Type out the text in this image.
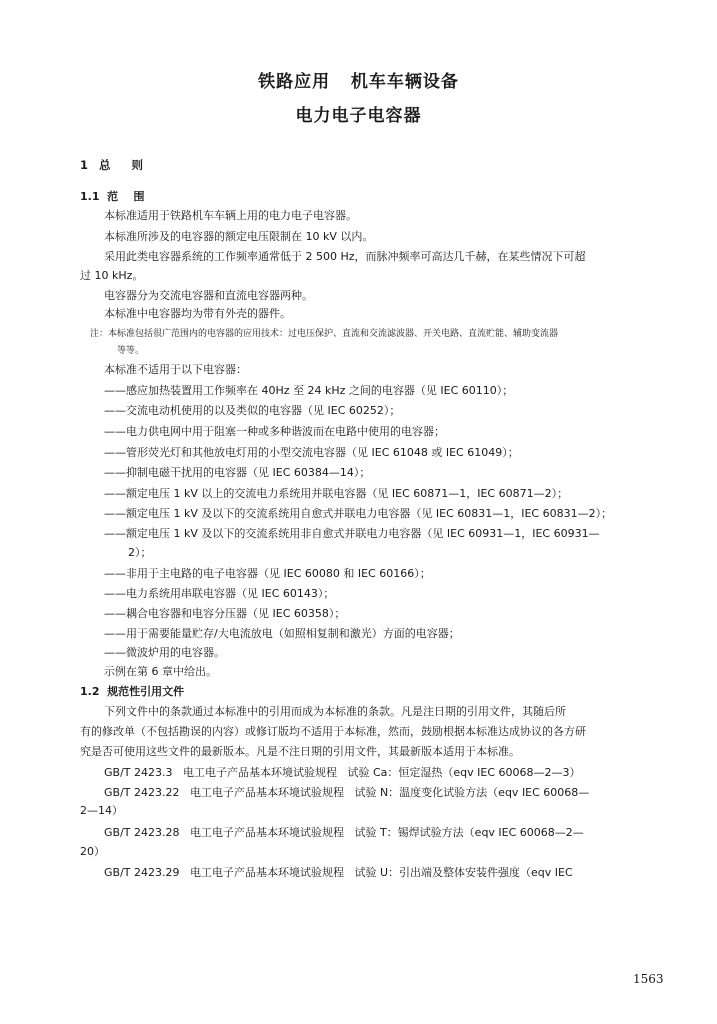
铁路应用   机车车辆设备
电力电子电容器
1  总    则
1.1  范    围
本标准适用于铁路机车车辆上用的电力电子电容器。
本标准所涉及的电容器的额定电压限制在 10 kV 以内。
采用此类电容器系统的工作频率通常低于 2 500 Hz，而脉冲频率可高达几千赫，在某些情况下可超
过 10 kHz。
电容器分为交流电容器和直流电容器两种。
本标准中电容器均为带有外壳的器件。
注：本标准包括很广范围内的电容器的应用技术：过电压保护、直流和交流滤波器、开关电路、直流贮能、辅助变流器
等等。
本标准不适用于以下电容器：
——感应加热装置用工作频率在 40Hz 至 24 kHz 之间的电容器（见 IEC 60110）；
——交流电动机使用的以及类似的电容器（见 IEC 60252）；
——电力供电网中用于阻塞一种或多种谐波而在电路中使用的电容器；
——管形荧光灯和其他放电灯用的小型交流电容器（见 IEC 61048 或 IEC 61049）；
——抑制电磁干扰用的电容器（见 IEC 60384—14）；
——额定电压 1 kV 以上的交流电力系统用并联电容器（见 IEC 60871—1，IEC 60871—2）；
——额定电压 1 kV 及以下的交流系统用自愈式并联电力电容器（见 IEC 60831—1，IEC 60831—2）；
——额定电压 1 kV 及以下的交流系统用非自愈式并联电力电容器（见 IEC 60931—1，IEC 60931—
2）；
——非用于主电路的电子电容器（见 IEC 60080 和 IEC 60166）；
——电力系统用串联电容器（见 IEC 60143）；
——耦合电容器和电容分压器（见 IEC 60358）；
——用于需要能量贮存/大电流放电（如照相复制和激光）方面的电容器；
——微波炉用的电容器。
示例在第 6 章中给出。
1.2  规范性引用文件
下列文件中的条款通过本标准中的引用而成为本标准的条款。凡是注日期的引用文件，其随后所
有的修改单（不包括勘误的内容）或修订版均不适用于本标准，然而，鼓励根据本标准达成协议的各方研
究是否可使用这些文件的最新版本。凡是不注日期的引用文件，其最新版本适用于本标准。
GB/T 2423.3   电工电子产品基本环境试验规程   试验 Ca：恒定湿热（eqv IEC 60068—2—3）
GB/T 2423.22   电工电子产品基本环境试验规程   试验 N：温度变化试验方法（eqv IEC 60068—
2—14）
GB/T 2423.28   电工电子产品基本环境试验规程   试验 T：锡焊试验方法（eqv IEC 60068—2—
20）
GB/T 2423.29   电工电子产品基本环境试验规程   试验 U：引出端及整体安装件强度（eqv IEC
1563
